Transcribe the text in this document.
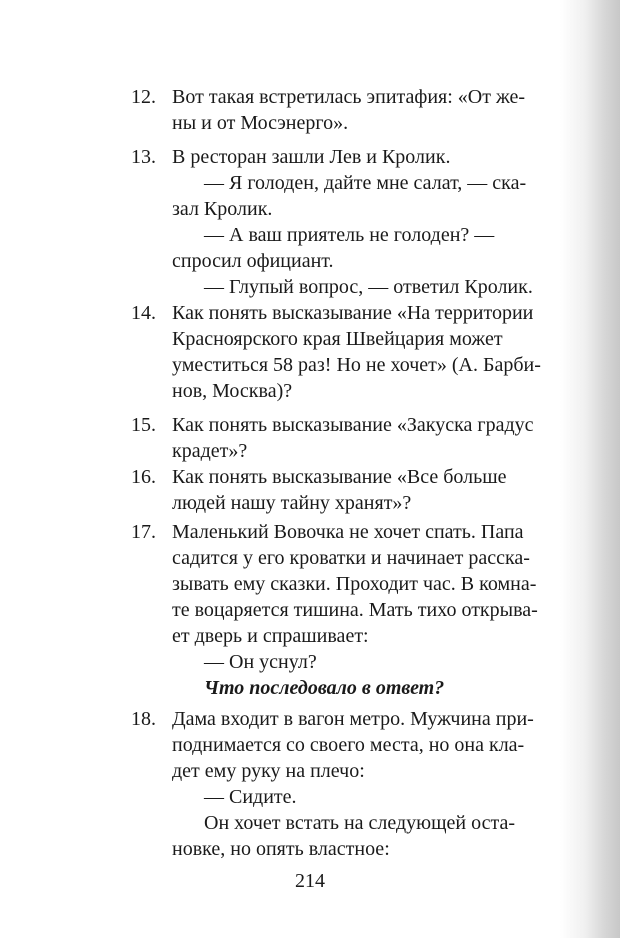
12. Вот такая встретилась эпитафия: «От же-
ны и от Мосэнерго».
13. В ресторан зашли Лев и Кролик.
— Я голоден, дайте мне салат, — ска-
зал Кролик.
— А ваш приятель не голоден? —
спросил официант.
— Глупый вопрос, — ответил Кролик.
14. Как понять высказывание «На территории
Красноярского края Швейцария может
уместиться 58 раз! Но не хочет» (А. Барби-
нов, Москва)?
15. Как понять высказывание «Закуска градус
крадет»?
16. Как понять высказывание «Все больше
людей нашу тайну хранят»?
17. Маленький Вовочка не хочет спать. Папа
садится у его кроватки и начинает расска-
зывать ему сказки. Проходит час. В комна-
те воцаряется тишина. Мать тихо открыва-
ет дверь и спрашивает:
— Он уснул?
Что последовало в ответ?
18. Дама входит в вагон метро. Мужчина при-
поднимается со своего места, но она кла-
дет ему руку на плечо:
— Сидите.
Он хочет встать на следующей оста-
новке, но опять властное:
214
